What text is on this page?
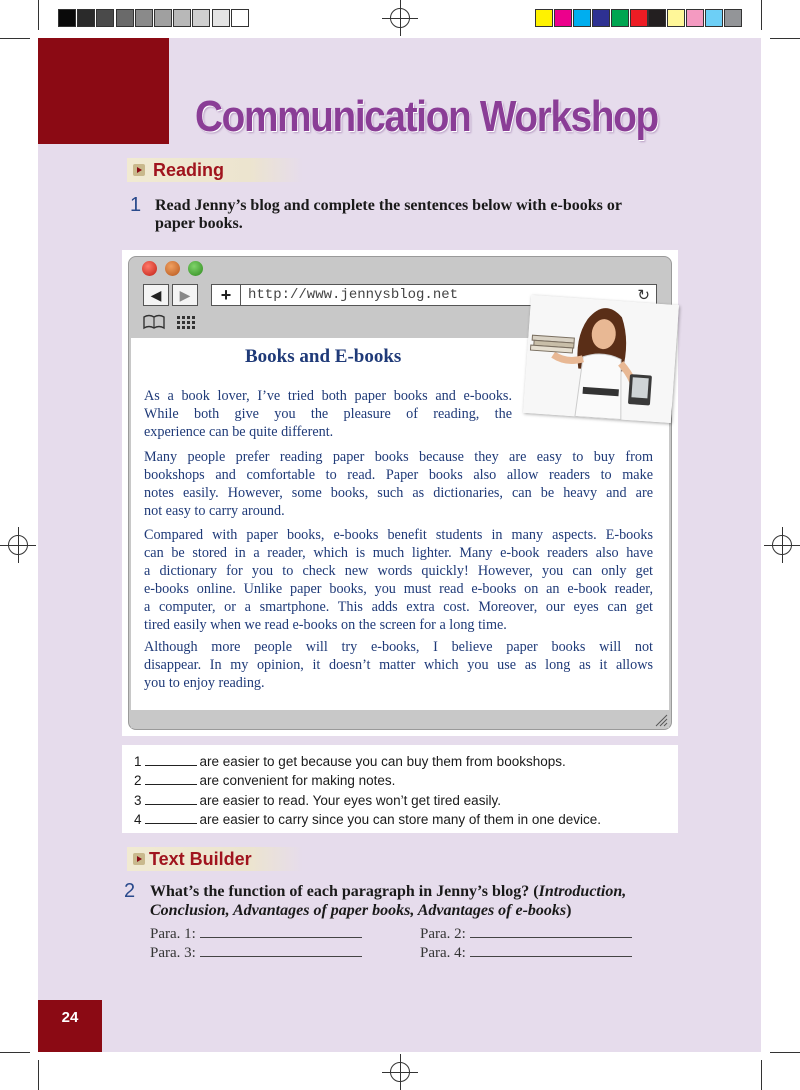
Communication Workshop
Reading
1 Read Jenny’s blog and complete the sentences below with e-books or
paper books.
◀	▶	+	http://www.jennysblog.net	↻
Books and E-books
As a book lover, I’ve tried both paper books and e-books.
While both give you the pleasure of reading, the
experience can be quite different.
Many people prefer reading paper books because they are easy to buy from
bookshops and comfortable to read. Paper books also allow readers to make
notes easily. However, some books, such as dictionaries, can be heavy and are
not easy to carry around.
Compared with paper books, e-books benefit students in many aspects. E-books
can be stored in a reader, which is much lighter. Many e-book readers also have
a dictionary for you to check new words quickly! However, you can only get
e-books online. Unlike paper books, you must read e-books on an e-book reader,
a computer, or a smartphone. This adds extra cost. Moreover, our eyes can get
tired easily when we read e-books on the screen for a long time.
Although more people will try e-books, I believe paper books will not
disappear. In my opinion, it doesn’t matter which you use as long as it allows
you to enjoy reading.
1	are easier to get because you can buy them from bookshops.
2	are convenient for making notes.
3	are easier to read. Your eyes won’t get tired easily.
4	are easier to carry since you can store many of them in one device.
Text Builder
2 What’s the function of each paragraph in Jenny’s blog? (Introduction,
Conclusion, Advantages of paper books, Advantages of e-books)
Para. 1:	Para. 2:
Para. 3:	Para. 4:
24
